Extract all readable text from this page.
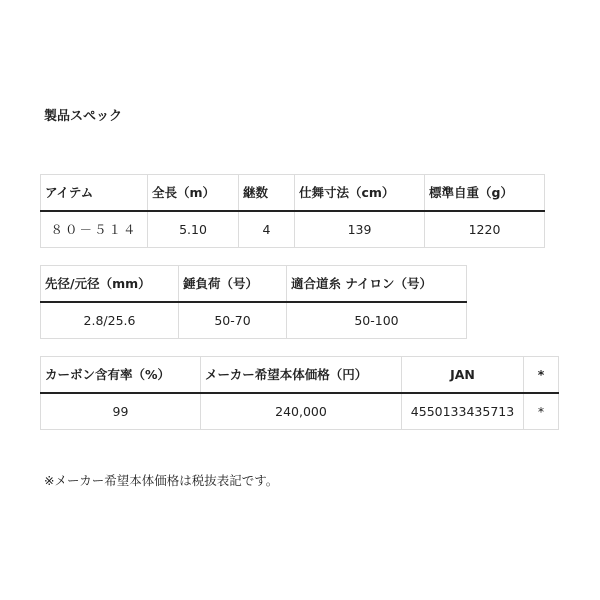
製品スペック
アイテム	全長（m）	継数	仕舞寸法（cm）	標準自重（g）
８０－５１４	5.10	4	139	1220
先径/元径（mm）	錘負荷（号）	適合道糸 ナイロン（号）
2.8/25.6	50-70	50-100
カーボン含有率（%）	メーカー希望本体価格（円）	JAN	*
99	240,000	4550133435713	*
※メーカー希望本体価格は税抜表記です。
